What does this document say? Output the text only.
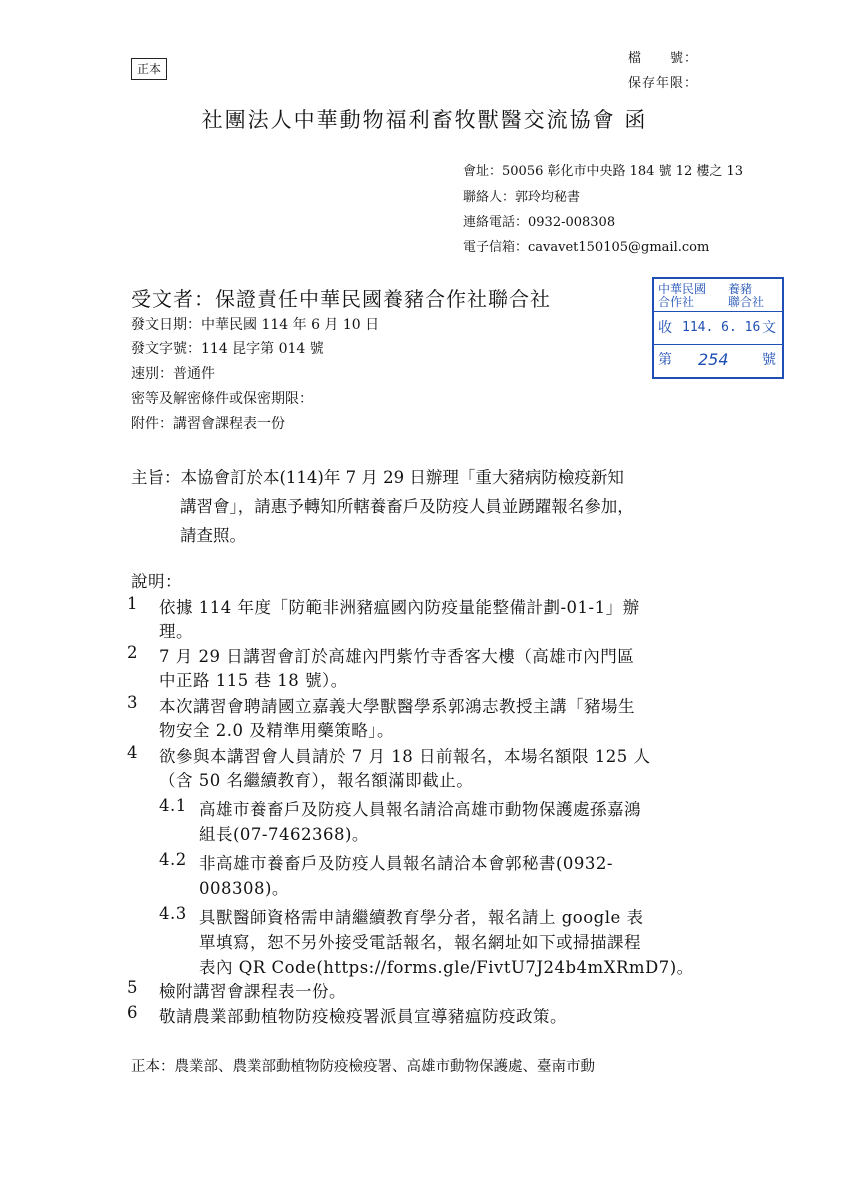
正本
檔　　號：
保存年限：
社團法人中華動物福利畜牧獸醫交流協會 函
會址：50056 彰化市中央路 184 號 12 樓之 13
聯絡人：郭玲均秘書
連絡電話：0932-008308
電子信箱：cavavet150105@gmail.com
受文者：保證責任中華民國養豬合作社聯合社
發文日期：中華民國 114 年 6 月 10 日
發文字號：114 昆字第 014 號
速別：普通件
密等及解密條件或保密期限：
附件：講習會課程表一份
中華民國 養豬
合作社	聯合社
收 114. 6. 16 文
第 254 號
主旨：本協會訂於本(114)年 7 月 29 日辦理「重大豬病防檢疫新知
講習會」，請惠予轉知所轄養畜戶及防疫人員並踴躍報名參加，
請查照。
說明：
1 依據 114 年度「防範非洲豬瘟國內防疫量能整備計劃-01-1」辦
理。
2 7 月 29 日講習會訂於高雄內門紫竹寺香客大樓（高雄市內門區
中正路 115 巷 18 號）。
3 本次講習會聘請國立嘉義大學獸醫學系郭鴻志教授主講「豬場生
物安全 2.0 及精準用藥策略」。
4 欲參與本講習會人員請於 7 月 18 日前報名，本場名額限 125 人
（含 50 名繼續教育），報名額滿即截止。
4.1 高雄市養畜戶及防疫人員報名請洽高雄市動物保護處孫嘉鴻
組長(07-7462368)。
4.2 非高雄市養畜戶及防疫人員報名請洽本會郭秘書(0932-
008308)。
4.3 具獸醫師資格需申請繼續教育學分者，報名請上 google 表
單填寫，恕不另外接受電話報名，報名網址如下或掃描課程
表內 QR Code(https://forms.gle/FivtU7J24b4mXRmD7)。
5 檢附講習會課程表一份。
6 敬請農業部動植物防疫檢疫署派員宣導豬瘟防疫政策。
正本：農業部、農業部動植物防疫檢疫署、高雄市動物保護處、臺南市動
